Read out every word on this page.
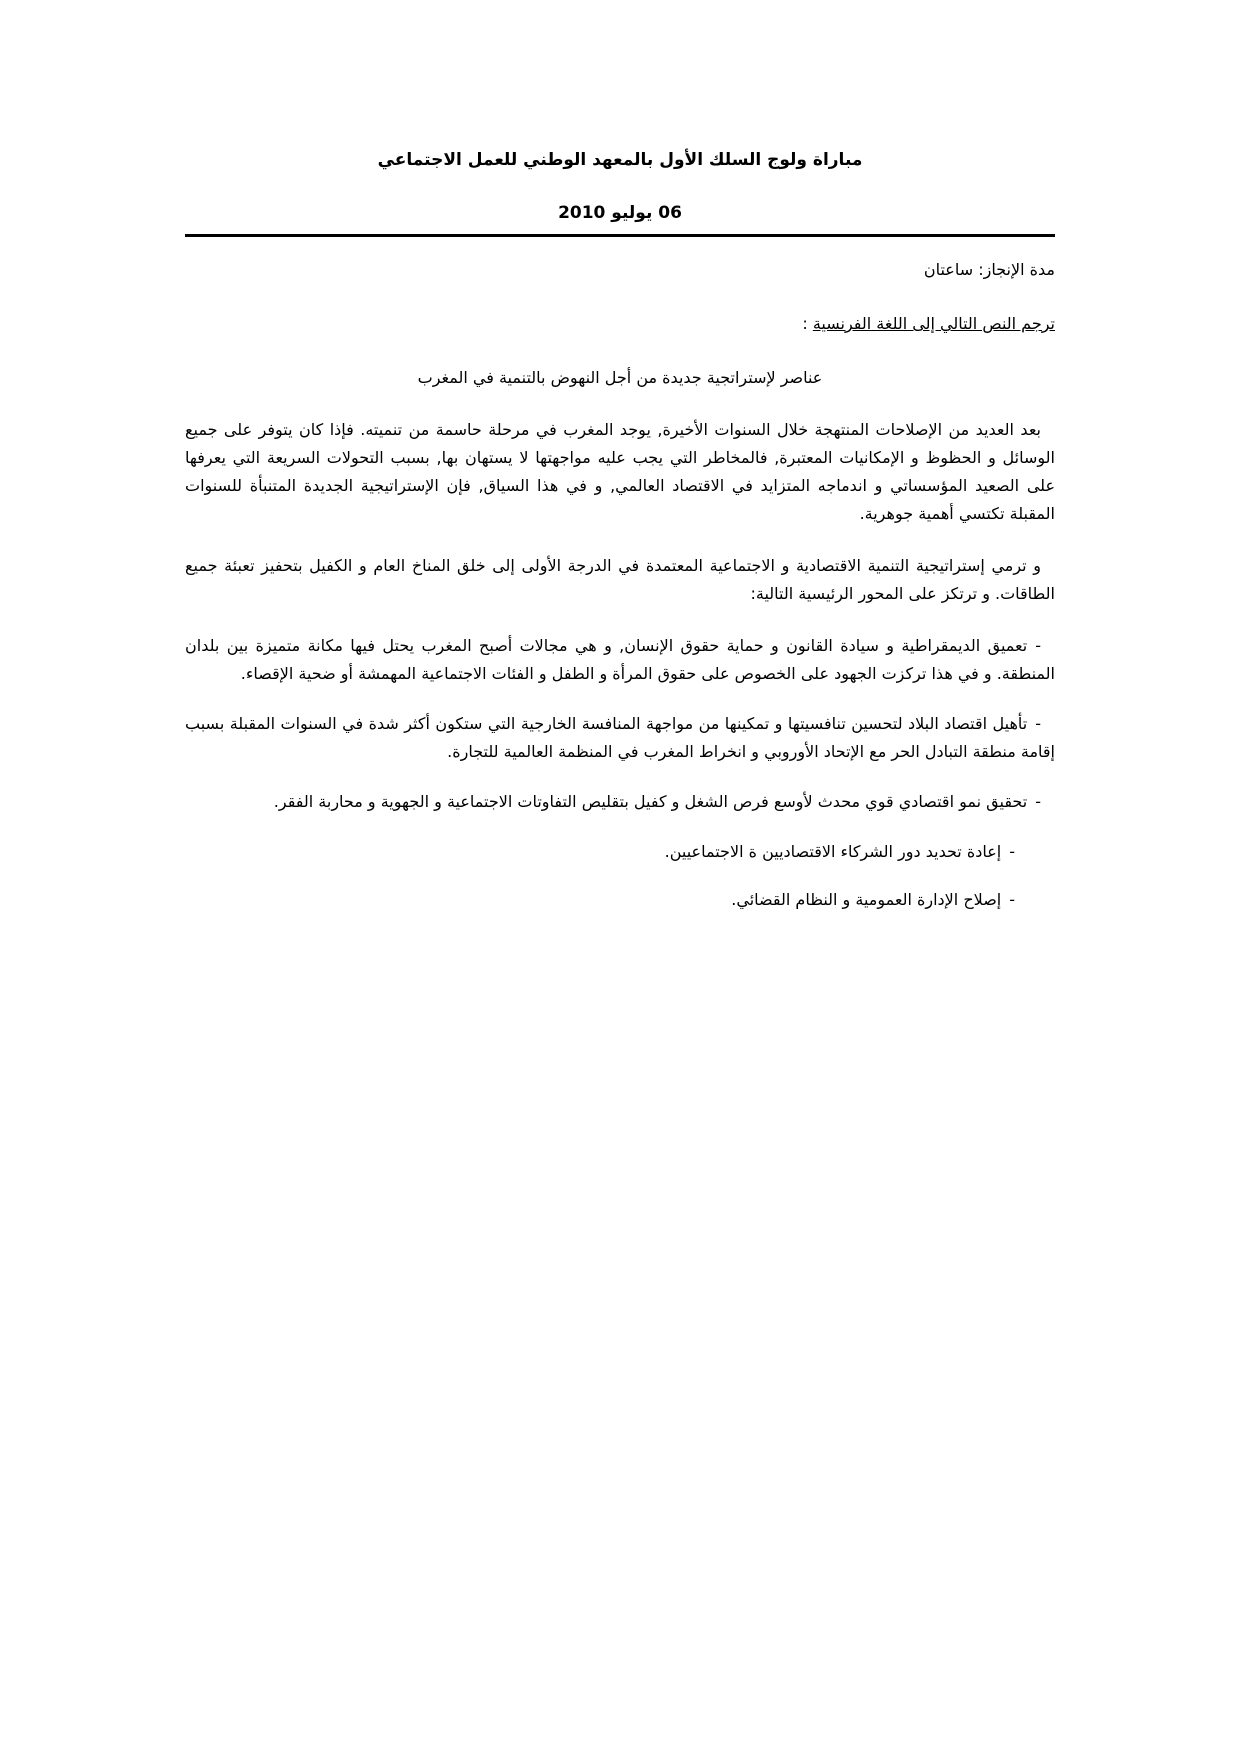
مباراة ولوج السلك الأول بالمعهد الوطني للعمل الاجتماعي
06 يوليو 2010
مدة الإنجاز: ساعتان
ترجم النص التالي إلى اللغة الفرنسية :
عناصر لإستراتجية جديدة من أجل النهوض بالتنمية في المغرب

بعد العديد من الإصلاحات المنتهجة خلال السنوات الأخيرة, يوجد المغرب في مرحلة حاسمة من تنميته. فإذا كان يتوفر على جميع الوسائل و الحظوظ و الإمكانيات المعتبرة, فالمخاطر التي يجب عليه مواجهتها لا يستهان بها, بسبب التحولات السريعة التي يعرفها على الصعيد المؤسساتي و اندماجه المتزايد في الاقتصاد العالمي, و في هذا السياق, فإن الإستراتيجية الجديدة المتنبأة للسنوات المقبلة تكتسي أهمية جوهرية.

و ترمي إستراتيجية التنمية الاقتصادية و الاجتماعية المعتمدة في الدرجة الأولى إلى خلق المناخ العام و الكفيل بتحفيز تعبئة جميع الطاقات. و ترتكز على المحور الرئيسية التالية:

-تعميق الديمقراطية و سيادة القانون و حماية حقوق الإنسان, و هي مجالات أصبح المغرب يحتل فيها مكانة متميزة بين بلدان المنطقة. و في هذا تركزت الجهود على الخصوص على حقوق المرأة و الطفل و الفئات الاجتماعية المهمشة أو ضحية الإقصاء.

-تأهيل اقتصاد البلاد لتحسين تنافسيتها و تمكينها من مواجهة المنافسة الخارجية التي ستكون أكثر شدة في السنوات المقبلة بسبب إقامة منطقة التبادل الحر مع الإتحاد الأوروبي و انخراط المغرب في المنظمة العالمية للتجارة.

-تحقيق نمو اقتصادي قوي محدث لأوسع فرص الشغل و كفيل بتقليص التفاوتات الاجتماعية و الجهوية و محاربة الفقر.

-إعادة تحديد دور الشركاء الاقتصاديين ة الاجتماعيين.

-إصلاح الإدارة العمومية و النظام القضائي.
